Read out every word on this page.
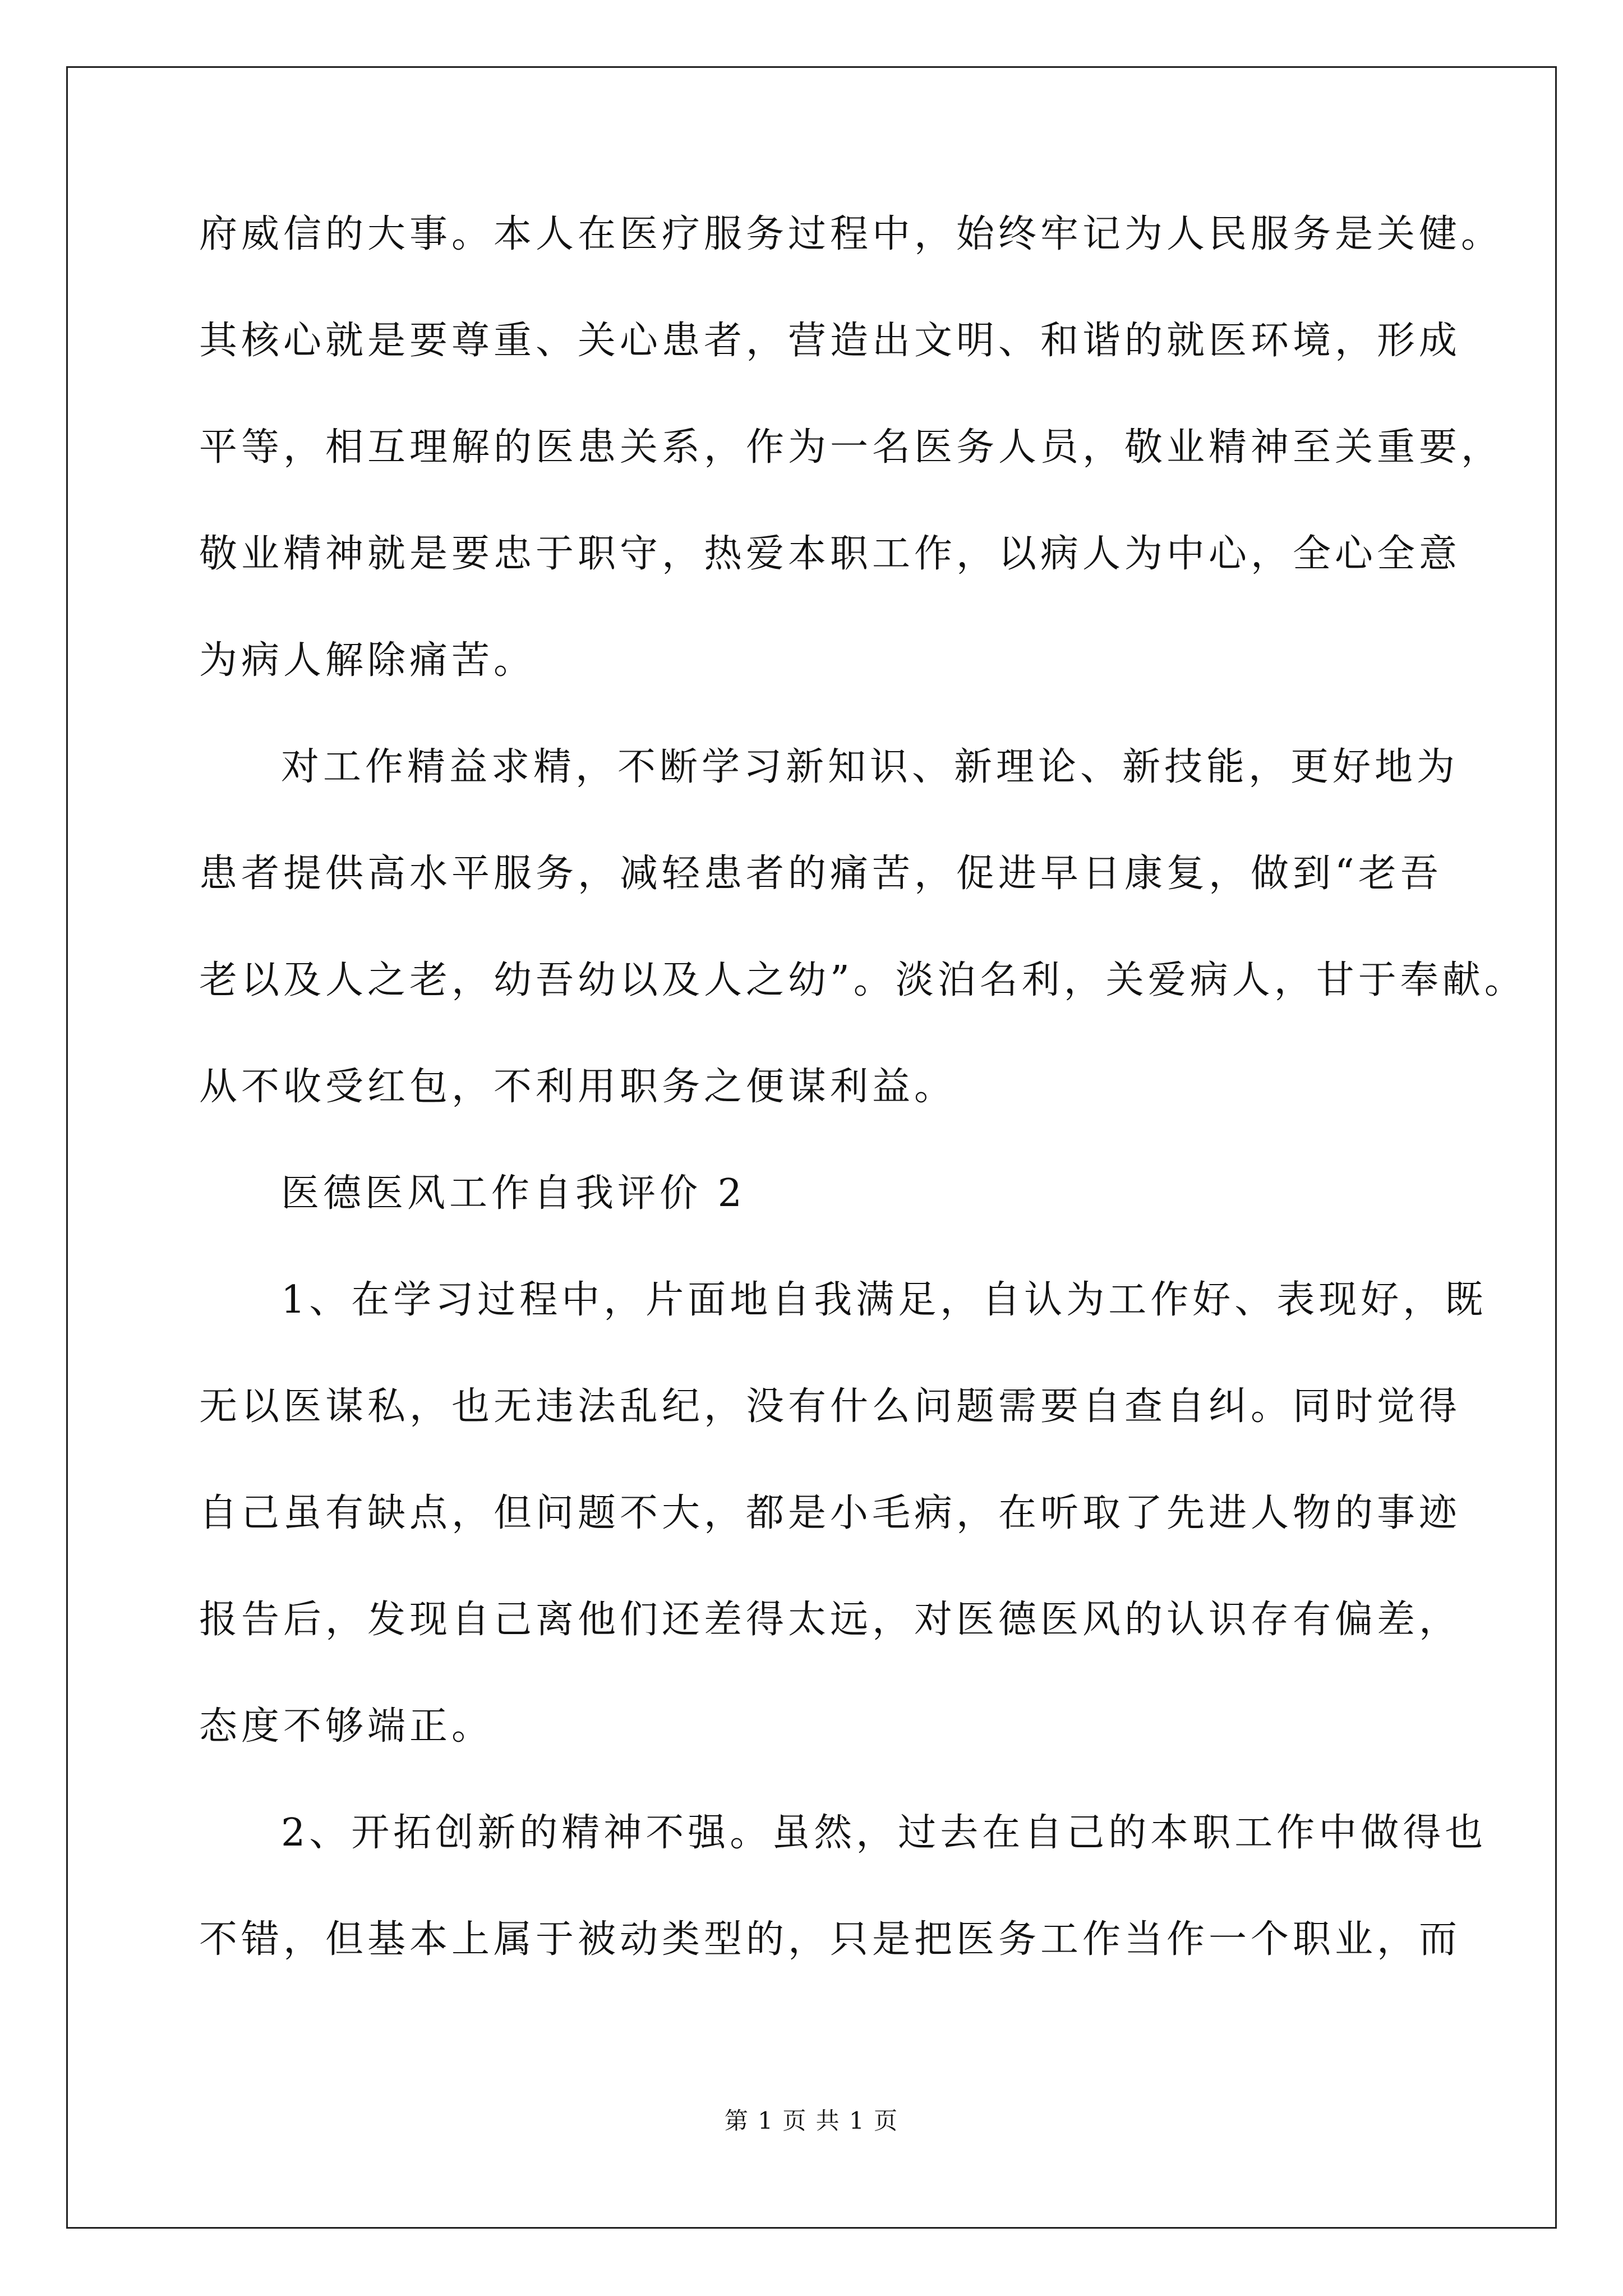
府威信的大事。本人在医疗服务过程中，始终牢记为人民服务是关健。
其核心就是要尊重、关心患者，营造出文明、和谐的就医环境，形成
平等，相互理解的医患关系，作为一名医务人员，敬业精神至关重要，
敬业精神就是要忠于职守，热爱本职工作，以病人为中心，全心全意
为病人解除痛苦。
对工作精益求精，不断学习新知识、新理论、新技能，更好地为
患者提供高水平服务，减轻患者的痛苦，促进早日康复，做到“老吾
老以及人之老，幼吾幼以及人之幼”。淡泊名利，关爱病人，甘于奉献。
从不收受红包，不利用职务之便谋利益。
医德医风工作自我评价 2
1、在学习过程中，片面地自我满足，自认为工作好、表现好，既
无以医谋私，也无违法乱纪，没有什么问题需要自查自纠。同时觉得
自己虽有缺点，但问题不大，都是小毛病，在听取了先进人物的事迹
报告后，发现自己离他们还差得太远，对医德医风的认识存有偏差，
态度不够端正。
2、开拓创新的精神不强。虽然，过去在自己的本职工作中做得也
不错，但基本上属于被动类型的，只是把医务工作当作一个职业，而
第 1 页 共 1 页
